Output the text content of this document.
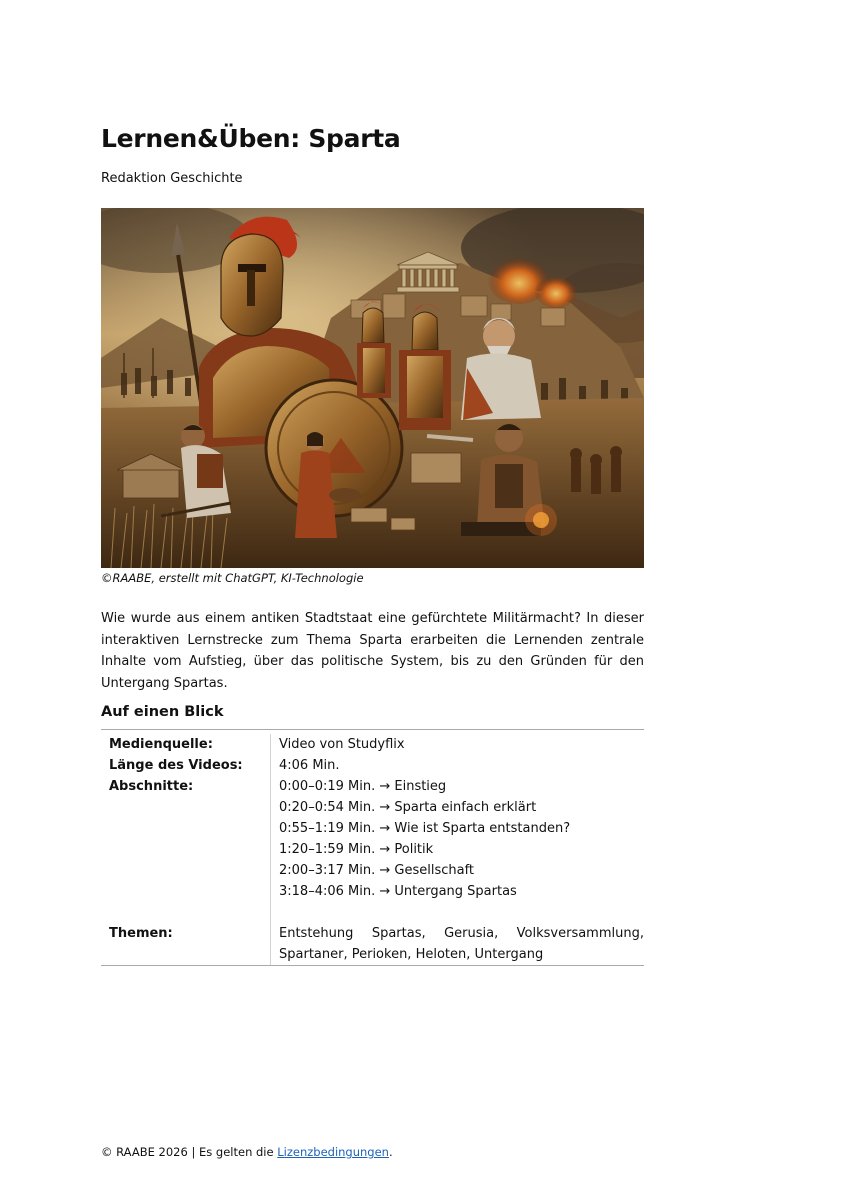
Lernen&Üben: Sparta
Redaktion Geschichte
©RAABE, erstellt mit ChatGPT, KI-Technologie

Wie wurde aus einem antiken Stadtstaat eine gefürchtete Militärmacht? In dieser interaktiven Lernstrecke zum Thema Sparta erarbeiten die Lernenden zentrale Inhalte vom Aufstieg, über das politische System, bis zu den Gründen für den Untergang Spartas.

Auf einen Blick
Medienquelle:	Video von Studyflix
Länge des Videos:	4:06 Min.
Abschnitte:	0:00–0:19 Min. → Einstieg
0:20–0:54 Min. → Sparta einfach erklärt
0:55–1:19 Min. → Wie ist Sparta entstanden?
1:20–1:59 Min. → Politik
2:00–3:17 Min. → Gesellschaft
3:18–4:06 Min. → Untergang Spartas
Themen:	Entstehung Spartas, Gerusia, Volksversammlung, Spartaner, Perioken, Heloten, Untergang
© RAABE 2026 | Es gelten die Lizenzbedingungen.
